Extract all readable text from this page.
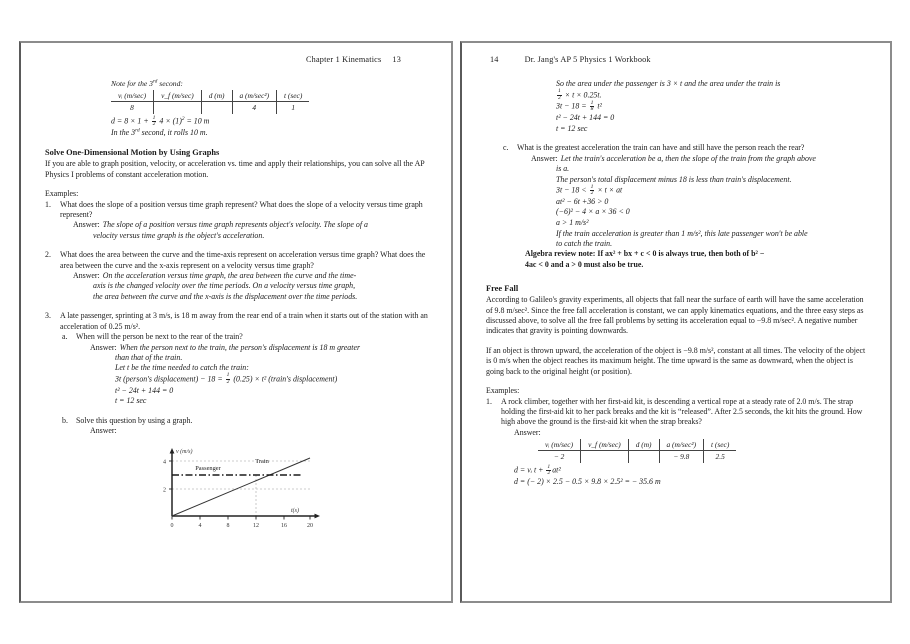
Chapter 1 Kinematics 13
Note for the 3rd second:
vᵢ (m/sec)	v_f (m/sec)	d (m)	a (m/sec²)	t (sec)
8			4	1
$d = 8 \times 1 + \frac{1}{2} 4 \times (1)^2 = 10$ m
In the 3rd second, it rolls 10 m.
Solve One-Dimensional Motion by Using Graphs
If you are able to graph position, velocity, or acceleration vs. time and apply their relationships, you can solve all the AP Physics I problems of constant acceleration motion.
Examples:
1.	What does the slope of a position versus time graph represent? What does the slope of a velocity versus time graph represent?
Answer: The slope of a position versus time graph represents object's velocity. The slope of a
velocity versus time graph is the object's acceleration.
2.	What does the area between the curve and the time-axis represent on acceleration versus time graph? What does the area between the curve and the x-axis represent on a velocity versus time graph?
Answer: On the acceleration versus time graph, the area between the curve and the time-
axis is the changed velocity over the time periods. On a velocity versus time graph,
the area between the curve and the x-axis is the displacement over the time periods.
3.	A late passenger, sprinting at 3 m/s, is 18 m away from the rear end of a train when it starts out of the station with an acceleration of 0.25 m/s².
a.	When will the person be next to the rear of the train?
Answer: When the person next to the train, the person's displacement is 18 m greater
than that of the train.
Let t be the time needed to catch the train:
3t (person's displacement) − $18 = \frac{1}{2} (0.25) \times t^2$ (train's displacement)
t² − 24t + 144 = 0
t = 12 sec
b.	Solve this question by using a graph.
Answer:
4
2
0	4	8	12	16	20
v (m/s)
t(s)
Train
Passenger
14	Dr. Jang's AP 5 Physics 1 Workbook
So the area under the passenger is 3 × t and the area under the train is
$\frac{1}{2} \times t \times 0.25t$.
$3t - 18 = \frac{1}{8} t^2$
t² − 24t + 144 = 0
t = 12 sec
c.	What is the greatest acceleration the train can have and still have the person reach the rear?
Answer: Let the train's acceleration be a, then the slope of the train from the graph above
is a.
The person's total displacement minus 18 is less than train's displacement.
$3t - 18 < \frac{1}{2} \times t$ × at
at² − 6t +36 > 0
(−6)² − 4 × a × 36 < 0
a > 1 m/s²
If the train acceleration is greater than 1 m/s², this late passenger won't be able
to catch the train.
Algebra review note: If ax² + bx + c < 0 is always true, then both of b² −
4ac < 0 and a > 0 must also be true.
Free Fall
According to Galileo's gravity experiments, all objects that fall near the surface of earth will have the same acceleration of 9.8 m/sec². Since the free fall acceleration is constant, we can apply kinematics equations, and the three easy steps as discussed above, to solve all the free fall problems by setting its acceleration equal to −9.8 m/sec². A negative number indicates that gravity is pointing downwards.
If an object is thrown upward, the acceleration of the object is −9.8 m/s², constant at all times. The velocity of the object is 0 m/s when the object reaches its maximum height. The time upward is the same as downward, when the object is going back to the original height (or position).
Examples:
1.	A rock climber, together with her first-aid kit, is descending a vertical rope at a steady rate of 2.0 m/s. The strap holding the first-aid kit to her pack breaks and the kit is “released”. After 2.5 seconds, the kit hits the ground. How high above the ground is the first-aid kit when the strap breaks?
Answer:
vᵢ (m/sec)	v_f (m/sec)	d (m)	a (m/sec²)	t (sec)
− 2			− 9.8	2.5
d = vᵢ $t + \frac{1}{2} at^2$
d = (− 2) × 2.5 − 0.5 × 9.8 × 2.5² = − 35.6 m
